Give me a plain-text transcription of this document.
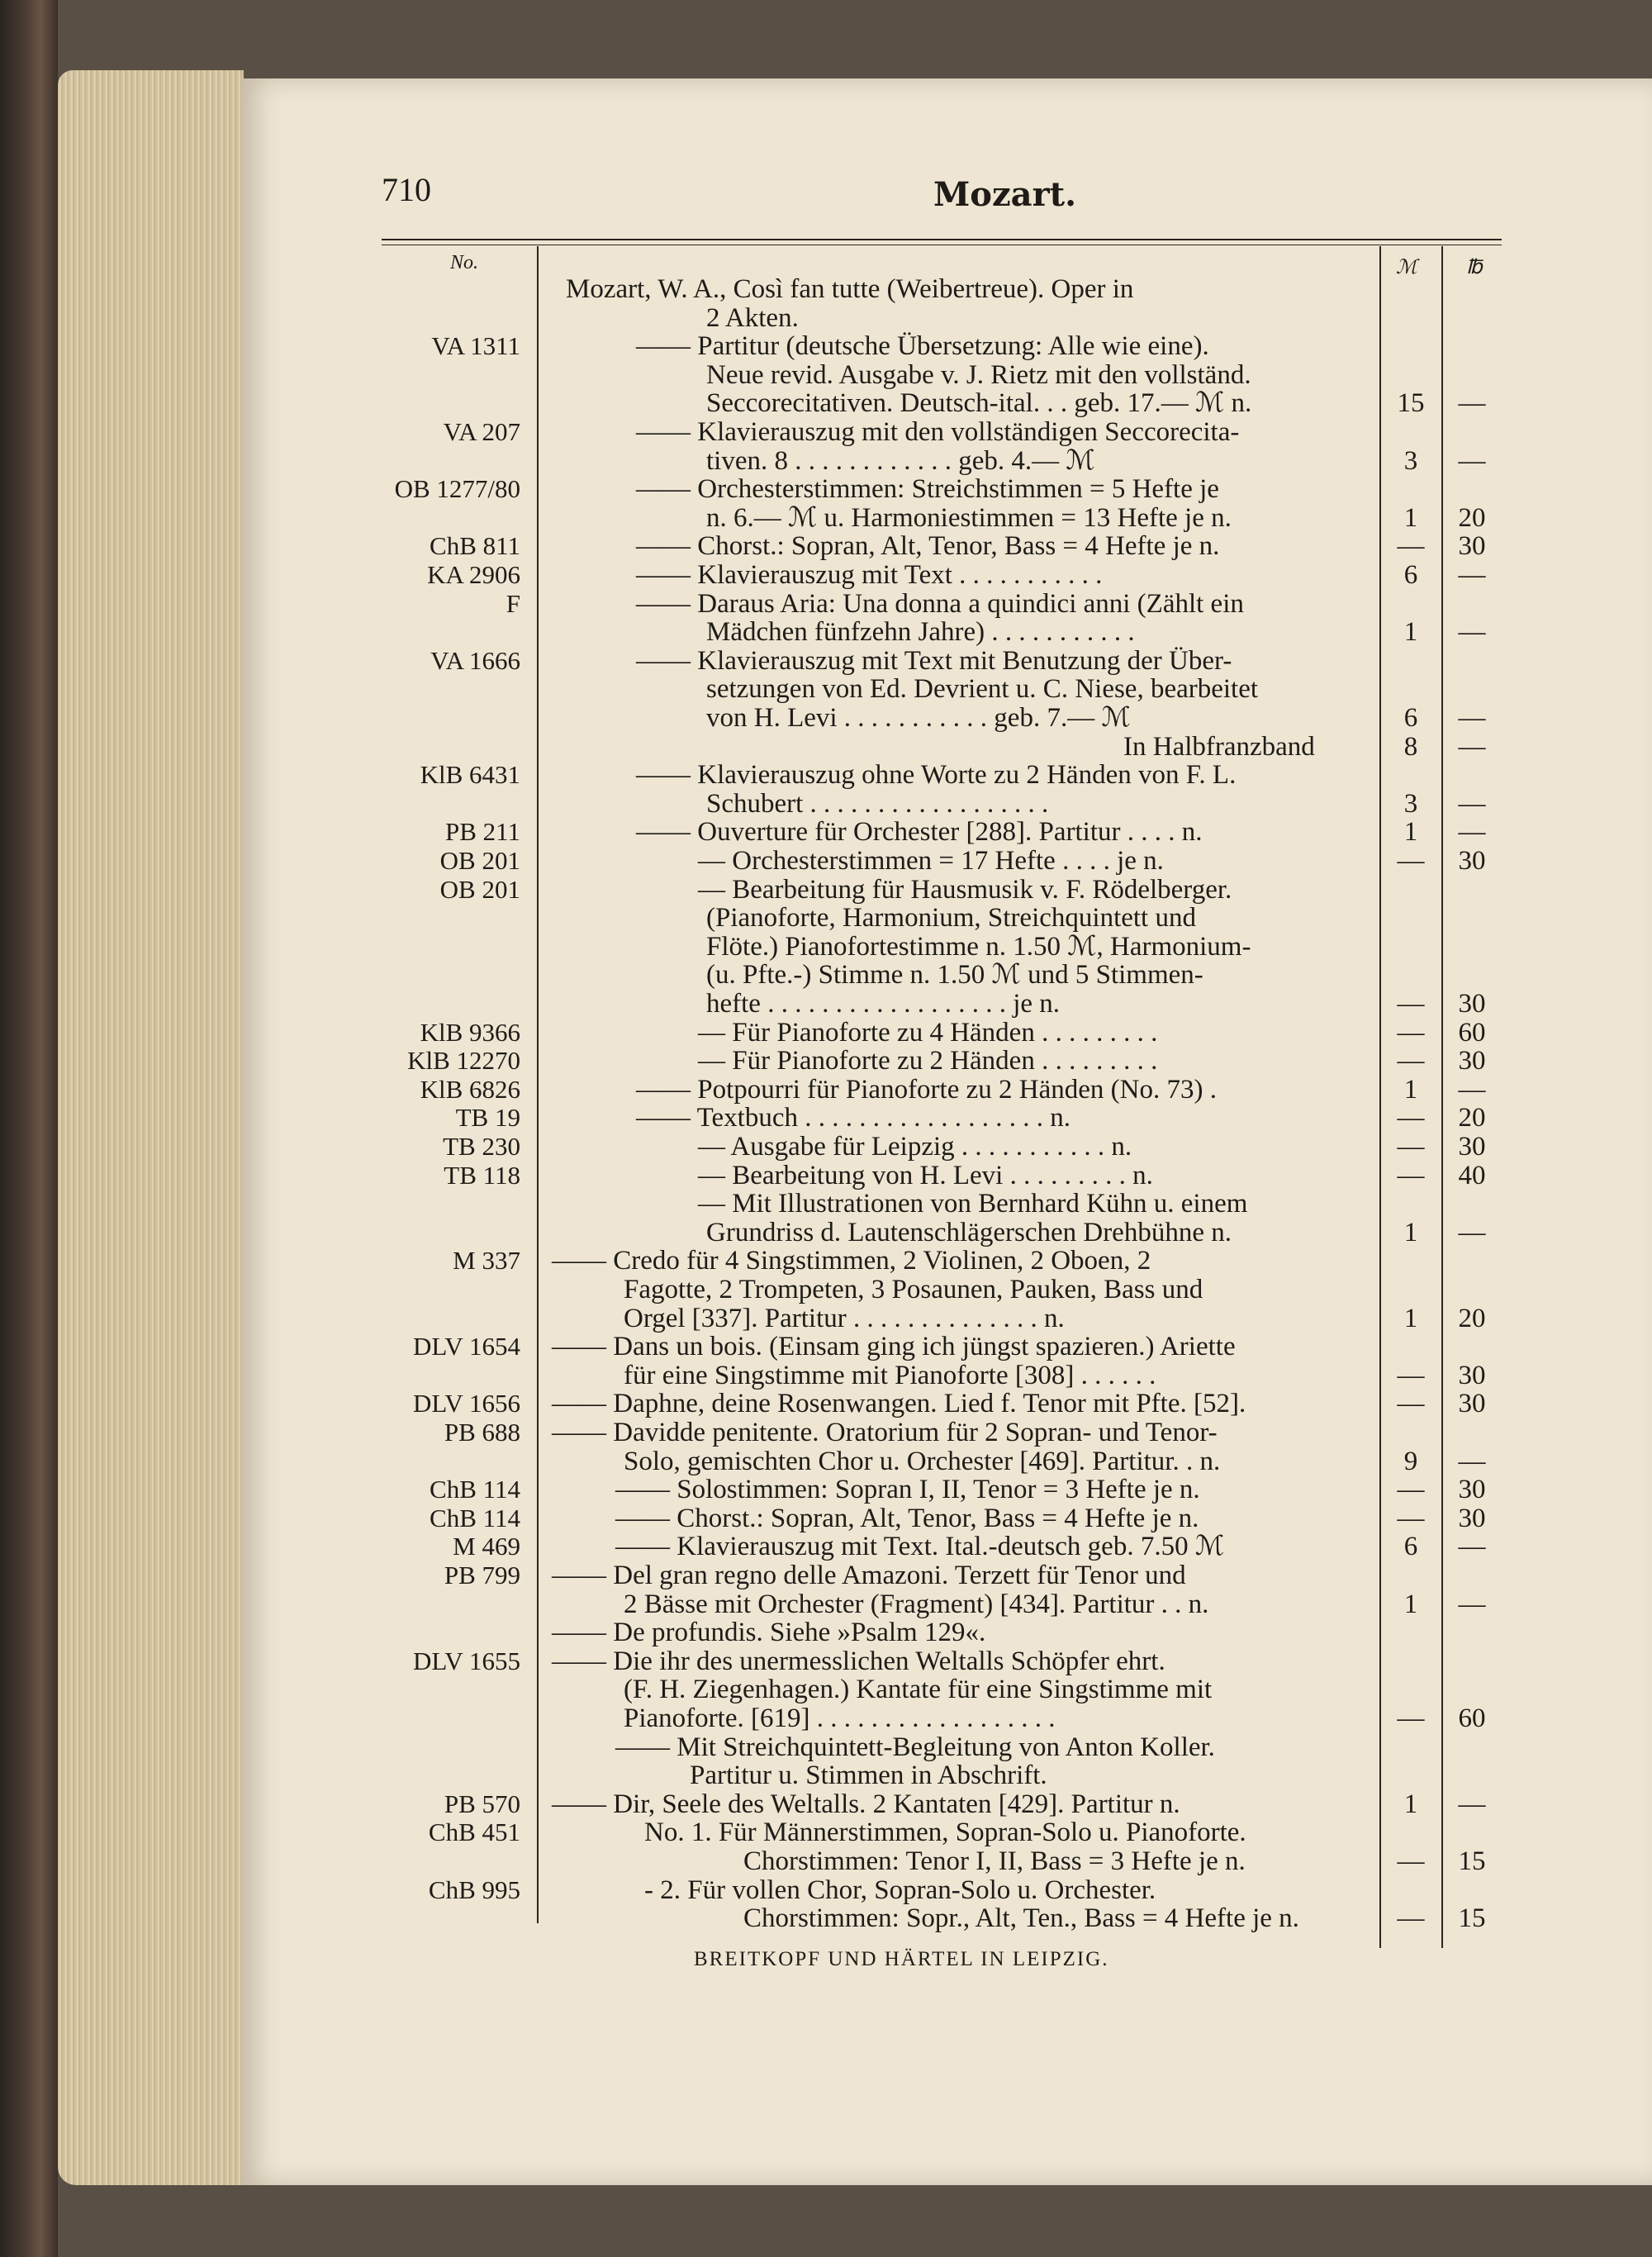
710	Mozart.
No.	ℳ ℔
Mozart, W. A., Così fan tutte (Weibertreue). Oper in
2 Akten.
VA 1311	—— Partitur (deutsche Übersetzung: Alle wie eine).
Neue revid. Ausgabe v. J. Rietz mit den vollständ.
Seccorecitativen. Deutsch-ital. . . geb. 17.— ℳ n.	15	—
VA 207	—— Klavierauszug mit den vollständigen Seccorecita-
tiven. 8 . . . . . . . . . . . . geb. 4.— ℳ	3	—
OB 1277/80	—— Orchesterstimmen: Streichstimmen = 5 Hefte je
n. 6.— ℳ u. Harmoniestimmen = 13 Hefte je n.	1	20
ChB 811	—— Chorst.: Sopran, Alt, Tenor, Bass = 4 Hefte je n.	—	30
KA 2906	—— Klavierauszug mit Text . . . . . . . . . . .	6	—
F	—— Daraus Aria: Una donna a quindici anni (Zählt ein
Mädchen fünfzehn Jahre) . . . . . . . . . . .	1	—
VA 1666	—— Klavierauszug mit Text mit Benutzung der Über-
setzungen von Ed. Devrient u. C. Niese, bearbeitet
von H. Levi . . . . . . . . . . . geb. 7.— ℳ	6	—
In Halbfranzband	8	—
KlB 6431	—— Klavierauszug ohne Worte zu 2 Händen von F. L.
Schubert . . . . . . . . . . . . . . . . . .	3	—
PB 211	—— Ouverture für Orchester [288]. Partitur . . . . n.	1	—
OB 201	— Orchesterstimmen = 17 Hefte . . . . je n.	—	30
OB 201	— Bearbeitung für Hausmusik v. F. Rödelberger.
(Pianoforte, Harmonium, Streichquintett und
Flöte.) Pianofortestimme n. 1.50 ℳ, Harmonium-
(u. Pfte.-) Stimme n. 1.50 ℳ und 5 Stimmen-
hefte . . . . . . . . . . . . . . . . . . je n.	—	30
KlB 9366	— Für Pianoforte zu 4 Händen . . . . . . . . .	—	60
KlB 12270	— Für Pianoforte zu 2 Händen . . . . . . . . .	—	30
KlB 6826	—— Potpourri für Pianoforte zu 2 Händen (No. 73) .	1	—
TB 19	—— Textbuch . . . . . . . . . . . . . . . . . . n.	—	20
TB 230	— Ausgabe für Leipzig . . . . . . . . . . . n.	—	30
TB 118	— Bearbeitung von H. Levi . . . . . . . . . n.	—	40
— Mit Illustrationen von Bernhard Kühn u. einem
Grundriss d. Lautenschlägerschen Drehbühne n.	1	—
M 337 —— Credo für 4 Singstimmen, 2 Violinen, 2 Oboen, 2
Fagotte, 2 Trompeten, 3 Posaunen, Pauken, Bass und
Orgel [337]. Partitur . . . . . . . . . . . . . . n.	1	20
DLV 1654 —— Dans un bois. (Einsam ging ich jüngst spazieren.) Ariette
für eine Singstimme mit Pianoforte [308] . . . . . .	—	30
DLV 1656 —— Daphne, deine Rosenwangen. Lied f. Tenor mit Pfte. [52].	—	30
PB 688 —— Davidde penitente. Oratorium für 2 Sopran- und Tenor-
Solo, gemischten Chor u. Orchester [469]. Partitur. . n.	9	—
ChB 114	—— Solostimmen: Sopran I, II, Tenor = 3 Hefte je n.	—	30
ChB 114	—— Chorst.: Sopran, Alt, Tenor, Bass = 4 Hefte je n.	—	30
M 469	—— Klavierauszug mit Text. Ital.-deutsch geb. 7.50 ℳ	6	—
PB 799 —— Del gran regno delle Amazoni. Terzett für Tenor und
2 Bässe mit Orchester (Fragment) [434]. Partitur . . n.	1	—
—— De profundis. Siehe »Psalm 129«.
DLV 1655 —— Die ihr des unermesslichen Weltalls Schöpfer ehrt.
(F. H. Ziegenhagen.) Kantate für eine Singstimme mit
Pianoforte. [619] . . . . . . . . . . . . . . . . . .	—	60
—— Mit Streichquintett-Begleitung von Anton Koller.
Partitur u. Stimmen in Abschrift.
PB 570 —— Dir, Seele des Weltalls. 2 Kantaten [429]. Partitur n.	1	—
ChB 451	No. 1. Für Männerstimmen, Sopran-Solo u. Pianoforte.
Chorstimmen: Tenor I, II, Bass = 3 Hefte je n.	—	15
ChB 995	- 2. Für vollen Chor, Sopran-Solo u. Orchester.
Chorstimmen: Sopr., Alt, Ten., Bass = 4 Hefte je n.	—	15
BREITKOPF UND HÄRTEL IN LEIPZIG.
